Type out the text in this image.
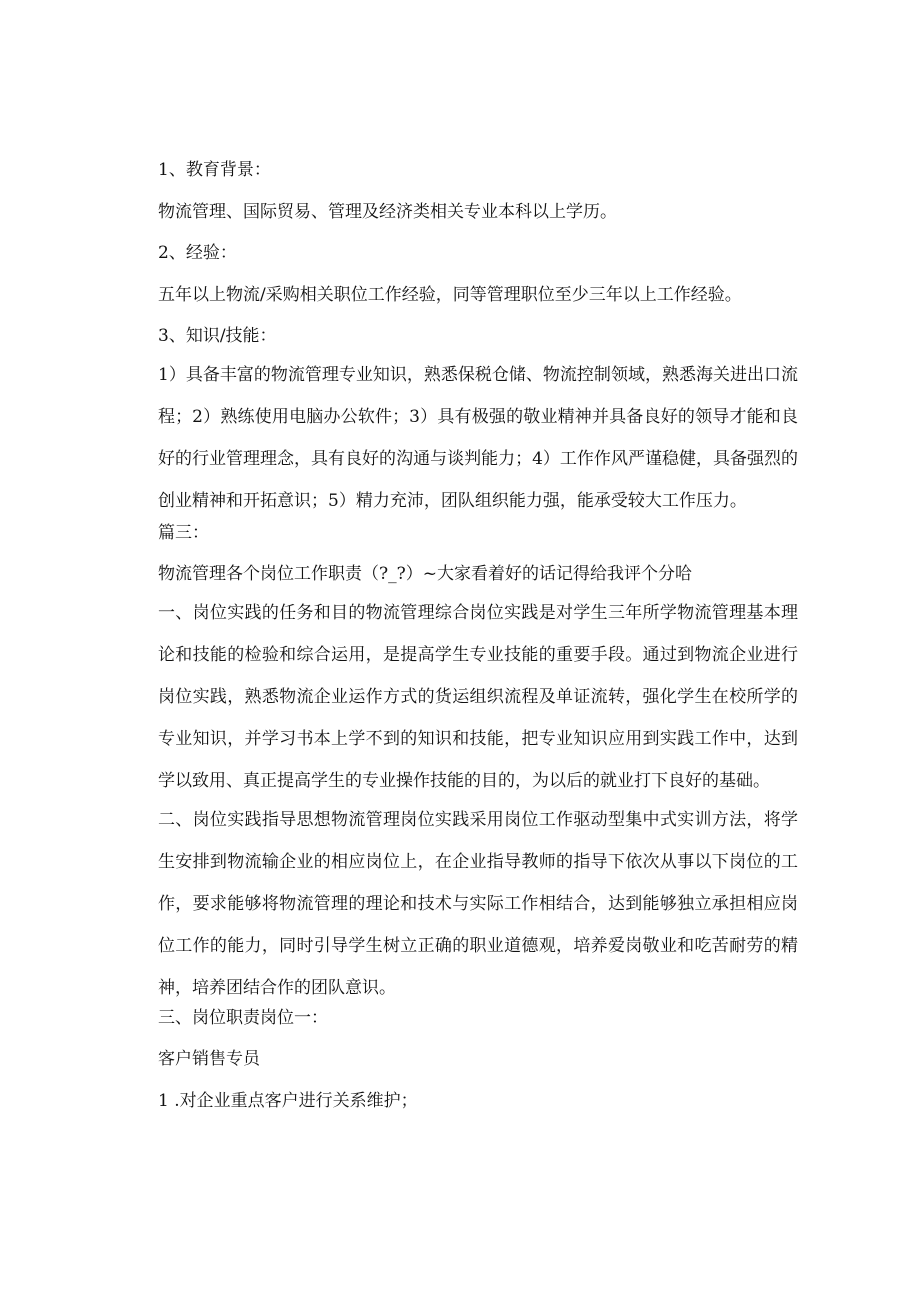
1、教育背景：
物流管理、国际贸易、管理及经济类相关专业本科以上学历。
2、经验：
五年以上物流/采购相关职位工作经验，同等管理职位至少三年以上工作经验。
3、知识/技能：
1）具备丰富的物流管理专业知识，熟悉保税仓储、物流控制领域，熟悉海关进出口流程；2）熟练使用电脑办公软件；3）具有极强的敬业精神并具备良好的领导才能和良好的行业管理理念，具有良好的沟通与谈判能力；4）工作作风严谨稳健，具备强烈的创业精神和开拓意识；5）精力充沛，团队组织能力强，能承受较大工作压力。
篇三：
物流管理各个岗位工作职责（?_?）~大家看着好的话记得给我评个分哈
一、岗位实践的任务和目的物流管理综合岗位实践是对学生三年所学物流管理基本理论和技能的检验和综合运用，是提高学生专业技能的重要手段。通过到物流企业进行岗位实践，熟悉物流企业运作方式的货运组织流程及单证流转，强化学生在校所学的专业知识，并学习书本上学不到的知识和技能，把专业知识应用到实践工作中，达到学以致用、真正提高学生的专业操作技能的目的，为以后的就业打下良好的基础。
二、岗位实践指导思想物流管理岗位实践采用岗位工作驱动型集中式实训方法，将学生安排到物流输企业的相应岗位上，在企业指导教师的指导下依次从事以下岗位的工作，要求能够将物流管理的理论和技术与实际工作相结合，达到能够独立承担相应岗位工作的能力，同时引导学生树立正确的职业道德观，培养爱岗敬业和吃苦耐劳的精神，培养团结合作的团队意识。
三、岗位职责岗位一：
客户销售专员
1 .对企业重点客户进行关系维护；
